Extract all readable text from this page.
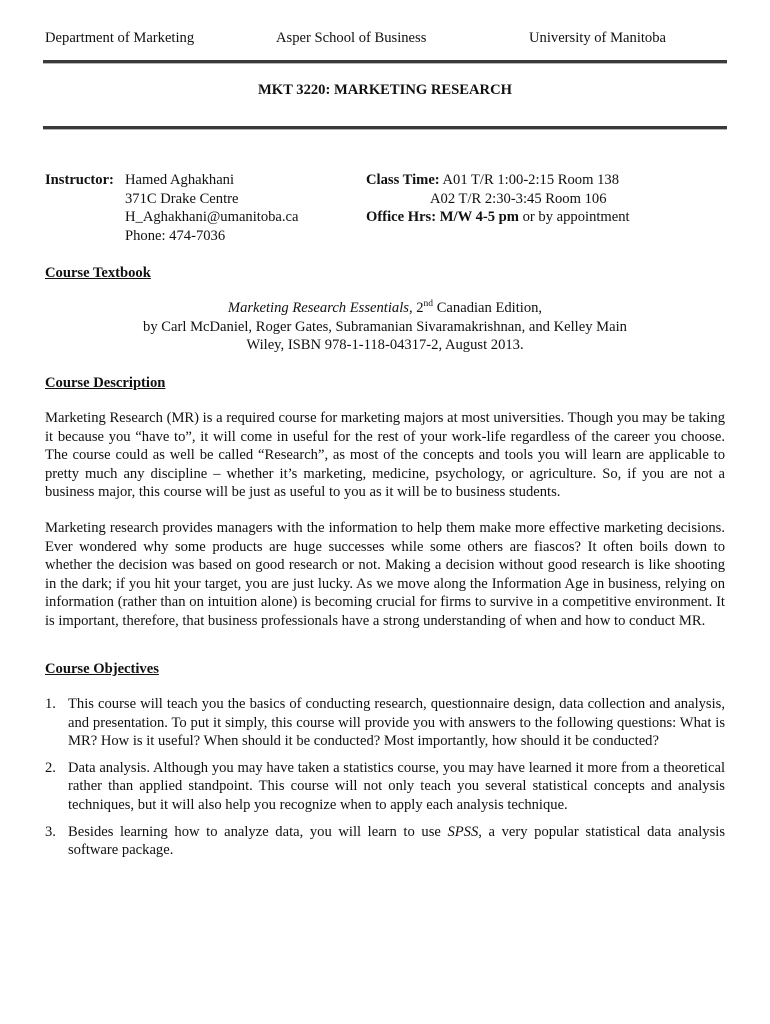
Department of Marketing	Asper School of Business	University of Manitoba
MKT 3220: MARKETING RESEARCH
Instructor: Hamed Aghakhani
371C Drake Centre
H_Aghakhani@umanitoba.ca
Phone: 474-7036
Class Time: A01 T/R 1:00-2:15 Room 138
A02 T/R 2:30-3:45 Room 106
Office Hrs: M/W 4-5 pm or by appointment
Course Textbook
Marketing Research Essentials, 2nd Canadian Edition,
by Carl McDaniel, Roger Gates, Subramanian Sivaramakrishnan, and Kelley Main
Wiley, ISBN 978-1-118-04317-2, August 2013.
Course Description

Marketing Research (MR) is a required course for marketing majors at most universities. Though you may be taking it because you “have to”, it will come in useful for the rest of your work-life regardless of the career you choose. The course could as well be called “Research”, as most of the concepts and tools you will learn are applicable to pretty much any discipline – whether it’s marketing, medicine, psychology, or agriculture. So, if you are not a business major, this course will be just as useful to you as it will be to business students.

Marketing research provides managers with the information to help them make more effective marketing decisions. Ever wondered why some products are huge successes while some others are fiascos? It often boils down to whether the decision was based on good research or not. Making a decision without good research is like shooting in the dark; if you hit your target, you are just lucky. As we move along the Information Age in business, relying on information (rather than on intuition alone) is becoming crucial for firms to survive in a competitive environment. It is important, therefore, that business professionals have a strong understanding of when and how to conduct MR.

Course Objectives
1. This course will teach you the basics of conducting research, questionnaire design, data collection and analysis, and presentation. To put it simply, this course will provide you with answers to the following questions: What is MR? How is it useful? When should it be conducted? Most importantly, how should it be conducted?
2. Data analysis. Although you may have taken a statistics course, you may have learned it more from a theoretical rather than applied standpoint. This course will not only teach you several statistical concepts and analysis techniques, but it will also help you recognize when to apply each analysis technique.
3. Besides learning how to analyze data, you will learn to use SPSS, a very popular statistical data analysis software package.
